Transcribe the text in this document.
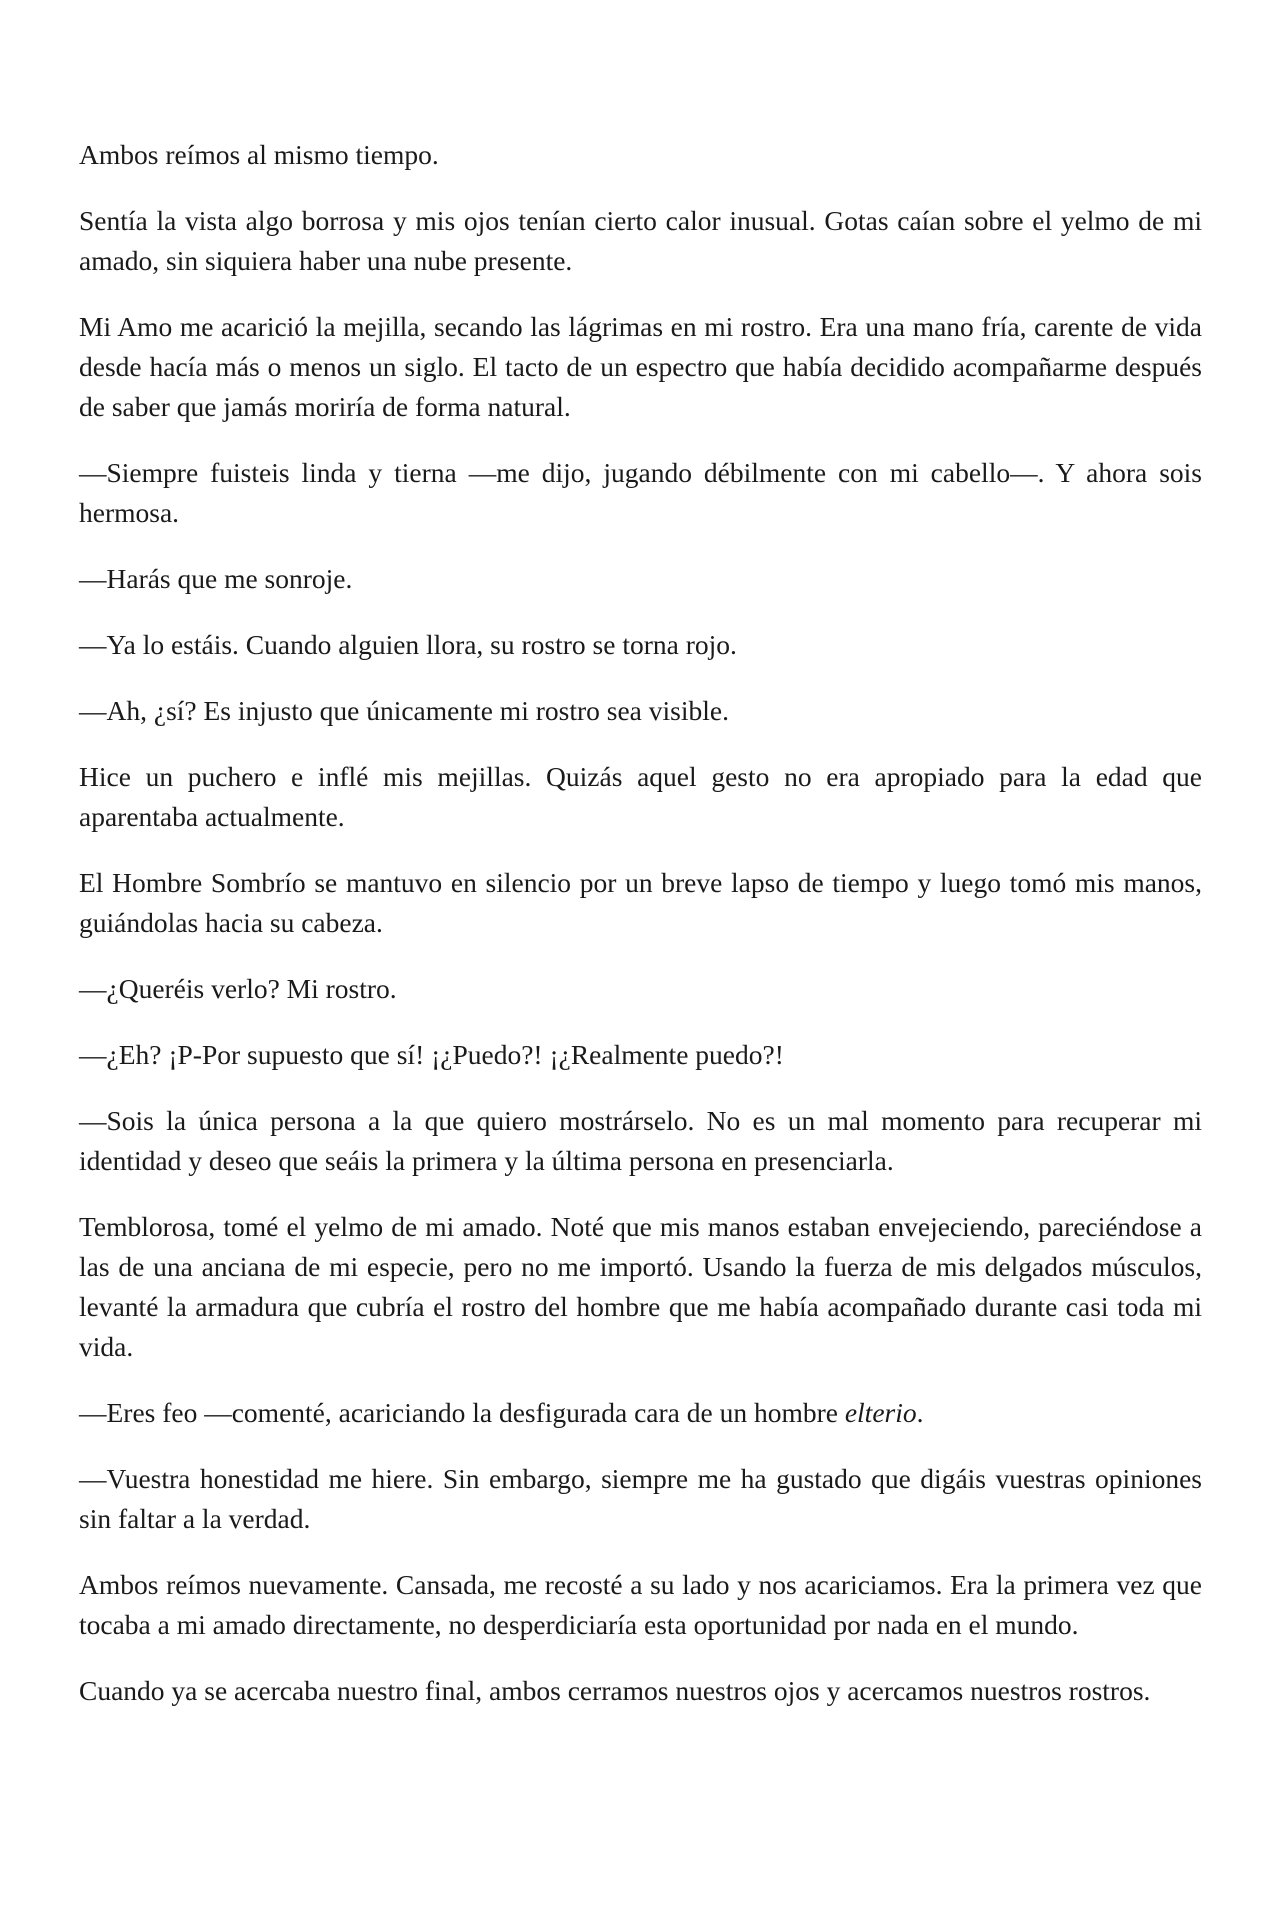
Ambos reímos al mismo tiempo.

Sentía la vista algo borrosa y mis ojos tenían cierto calor inusual. Gotas caían sobre el yelmo de mi amado, sin siquiera haber una nube presente.

Mi Amo me acarició la mejilla, secando las lágrimas en mi rostro. Era una mano fría, carente de vida desde hacía más o menos un siglo. El tacto de un espectro que había decidido acompañarme después de saber que jamás moriría de forma natural.

—Siempre fuisteis linda y tierna —me dijo, jugando débilmente con mi cabello—. Y ahora sois hermosa.

—Harás que me sonroje.

—Ya lo estáis. Cuando alguien llora, su rostro se torna rojo.

—Ah, ¿sí? Es injusto que únicamente mi rostro sea visible.

Hice un puchero e inflé mis mejillas. Quizás aquel gesto no era apropiado para la edad que aparentaba actualmente.

El Hombre Sombrío se mantuvo en silencio por un breve lapso de tiempo y luego tomó mis manos, guiándolas hacia su cabeza.

—¿Queréis verlo? Mi rostro.

—¿Eh? ¡P-Por supuesto que sí! ¡¿Puedo?! ¡¿Realmente puedo?!

—Sois la única persona a la que quiero mostrárselo. No es un mal momento para recuperar mi identidad y deseo que seáis la primera y la última persona en presenciarla.

Temblorosa, tomé el yelmo de mi amado. Noté que mis manos estaban envejeciendo, pareciéndose a las de una anciana de mi especie, pero no me importó. Usando la fuerza de mis delgados músculos, levanté la armadura que cubría el rostro del hombre que me había acompañado durante casi toda mi vida.

—Eres feo —comenté, acariciando la desfigurada cara de un hombre elterio.

—Vuestra honestidad me hiere. Sin embargo, siempre me ha gustado que digáis vuestras opiniones sin faltar a la verdad.

Ambos reímos nuevamente. Cansada, me recosté a su lado y nos acariciamos. Era la primera vez que tocaba a mi amado directamente, no desperdiciaría esta oportunidad por nada en el mundo.

Cuando ya se acercaba nuestro final, ambos cerramos nuestros ojos y acercamos nuestros rostros.
